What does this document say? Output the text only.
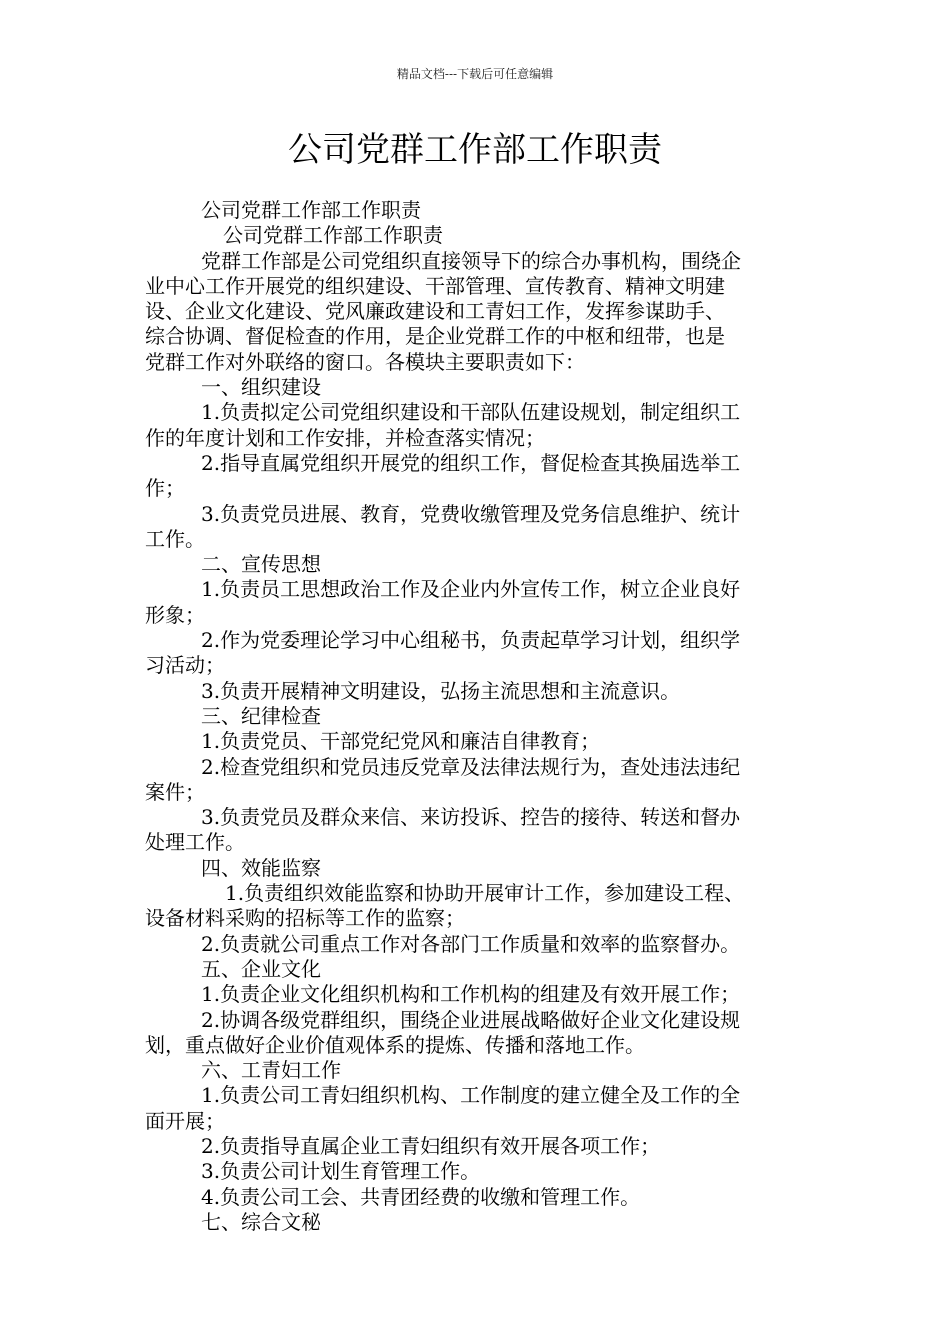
精品文档---下载后可任意编辑
公司党群工作部工作职责

公司党群工作部工作职责

公司党群工作部工作职责

党群工作部是公司党组织直接领导下的综合办事机构，围绕企

业中心工作开展党的组织建设、干部管理、宣传教育、精神文明建

设、企业文化建设、党风廉政建设和工青妇工作，发挥参谋助手、

综合协调、督促检查的作用，是企业党群工作的中枢和纽带，也是

党群工作对外联络的窗口。各模块主要职责如下：

一、组织建设

1.负责拟定公司党组织建设和干部队伍建设规划，制定组织工

作的年度计划和工作安排，并检查落实情况；

2.指导直属党组织开展党的组织工作，督促检查其换届选举工

作；

3.负责党员进展、教育，党费收缴管理及党务信息维护、统计

工作。

二、宣传思想

1.负责员工思想政治工作及企业内外宣传工作，树立企业良好

形象；

2.作为党委理论学习中心组秘书，负责起草学习计划，组织学

习活动；

3.负责开展精神文明建设，弘扬主流思想和主流意识。

三、纪律检查

1.负责党员、干部党纪党风和廉洁自律教育；

2.检查党组织和党员违反党章及法律法规行为，查处违法违纪

案件；

3.负责党员及群众来信、来访投诉、控告的接待、转送和督办

处理工作。

四、效能监察

1.负责组织效能监察和协助开展审计工作，参加建设工程、

设备材料采购的招标等工作的监察；

2.负责就公司重点工作对各部门工作质量和效率的监察督办。

五、企业文化

1.负责企业文化组织机构和工作机构的组建及有效开展工作；

2.协调各级党群组织，围绕企业进展战略做好企业文化建设规

划，重点做好企业价值观体系的提炼、传播和落地工作。

六、工青妇工作

1.负责公司工青妇组织机构、工作制度的建立健全及工作的全

面开展；

2.负责指导直属企业工青妇组织有效开展各项工作；

3.负责公司计划生育管理工作。

4.负责公司工会、共青团经费的收缴和管理工作。

七、综合文秘
